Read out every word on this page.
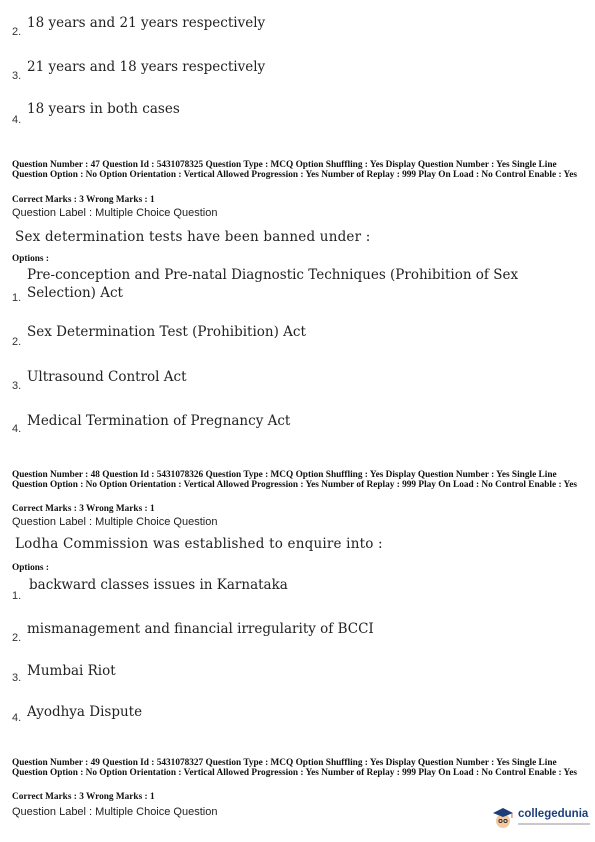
2.
18 years and 21 years respectively
3.
21 years and 18 years respectively
4.
18 years in both cases
Question Number : 47 Question Id : 5431078325 Question Type : MCQ Option Shuffling : Yes Display Question Number : Yes Single Line Question Option : No Option Orientation : Vertical Allowed Progression : Yes Number of Replay : 999 Play On Load : No Control Enable : Yes
Correct Marks : 3 Wrong Marks : 1
Question Label : Multiple Choice Question
Sex determination tests have been banned under :
Options :
1.
Pre-conception and Pre-natal Diagnostic Techniques (Prohibition of Sex
Selection) Act
2.
Sex Determination Test (Prohibition) Act
3.
Ultrasound Control Act
4. Medical Termination of Pregnancy Act
Question Number : 48 Question Id : 5431078326 Question Type : MCQ Option Shuffling : Yes Display Question Number : Yes Single Line Question Option : No Option Orientation : Vertical Allowed Progression : Yes Number of Replay : 999 Play On Load : No Control Enable : Yes
Correct Marks : 3 Wrong Marks : 1
Question Label : Multiple Choice Question
Lodha Commission was established to enquire into :
Options :
1.
backward classes issues in Karnataka
2.
mismanagement and financial irregularity of BCCI
3. Mumbai Riot
4. Ayodhya Dispute
Question Number : 49 Question Id : 5431078327 Question Type : MCQ Option Shuffling : Yes Display Question Number : Yes Single Line Question Option : No Option Orientation : Vertical Allowed Progression : Yes Number of Replay : 999 Play On Load : No Control Enable : Yes
Correct Marks : 3 Wrong Marks : 1
Question Label : Multiple Choice Question	collegedunia
